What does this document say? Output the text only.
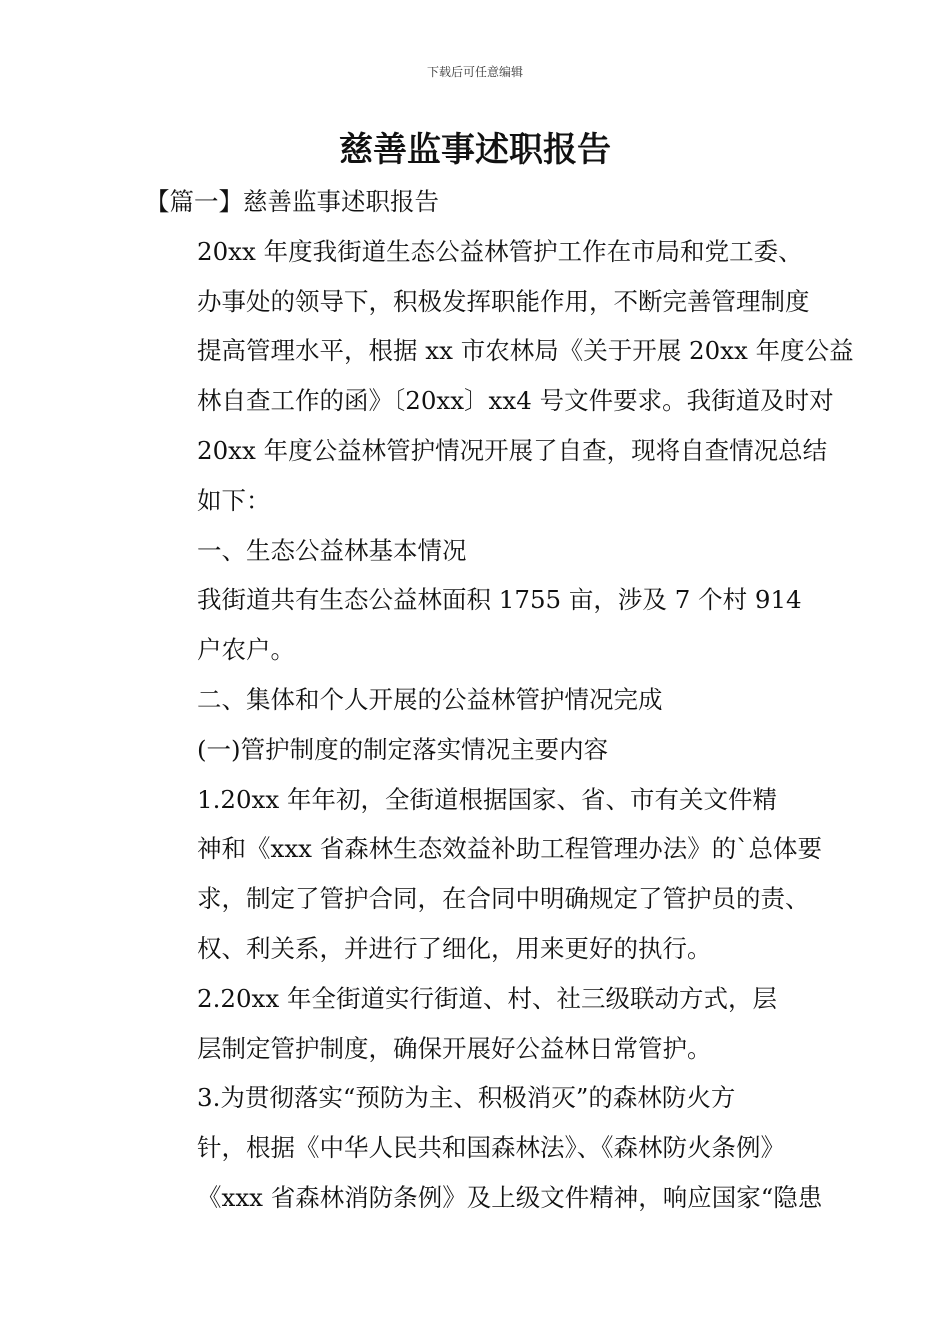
下载后可任意编辑
慈善监事述职报告

【篇一】慈善监事述职报告

20xx 年度我街道生态公益林管护工作在市局和党工委、
办事处的领导下，积极发挥职能作用，不断完善管理制度
提高管理水平，根据 xx 市农林局《关于开展 20xx 年度公益
林自查工作的函》〔20xx〕xx4 号文件要求。我街道及时对
20xx 年度公益林管护情况开展了自查，现将自查情况总结
如下：

一、生态公益林基本情况

我街道共有生态公益林面积 1755 亩，涉及 7 个村 914
户农户。

二、集体和个人开展的公益林管护情况完成

(一)管护制度的制定落实情况主要内容

1.20xx 年年初，全街道根据国家、省、市有关文件精
神和《xxx 省森林生态效益补助工程管理办法》的`总体要
求，制定了管护合同，在合同中明确规定了管护员的责、
权、利关系，并进行了细化，用来更好的执行。

2.20xx 年全街道实行街道、村、社三级联动方式，层
层制定管护制度，确保开展好公益林日常管护。

3.为贯彻落实“预防为主、积极消灭”的森林防火方
针，根据《中华人民共和国森林法》、《森林防火条例》
《xxx 省森林消防条例》及上级文件精神，响应国家“隐患
